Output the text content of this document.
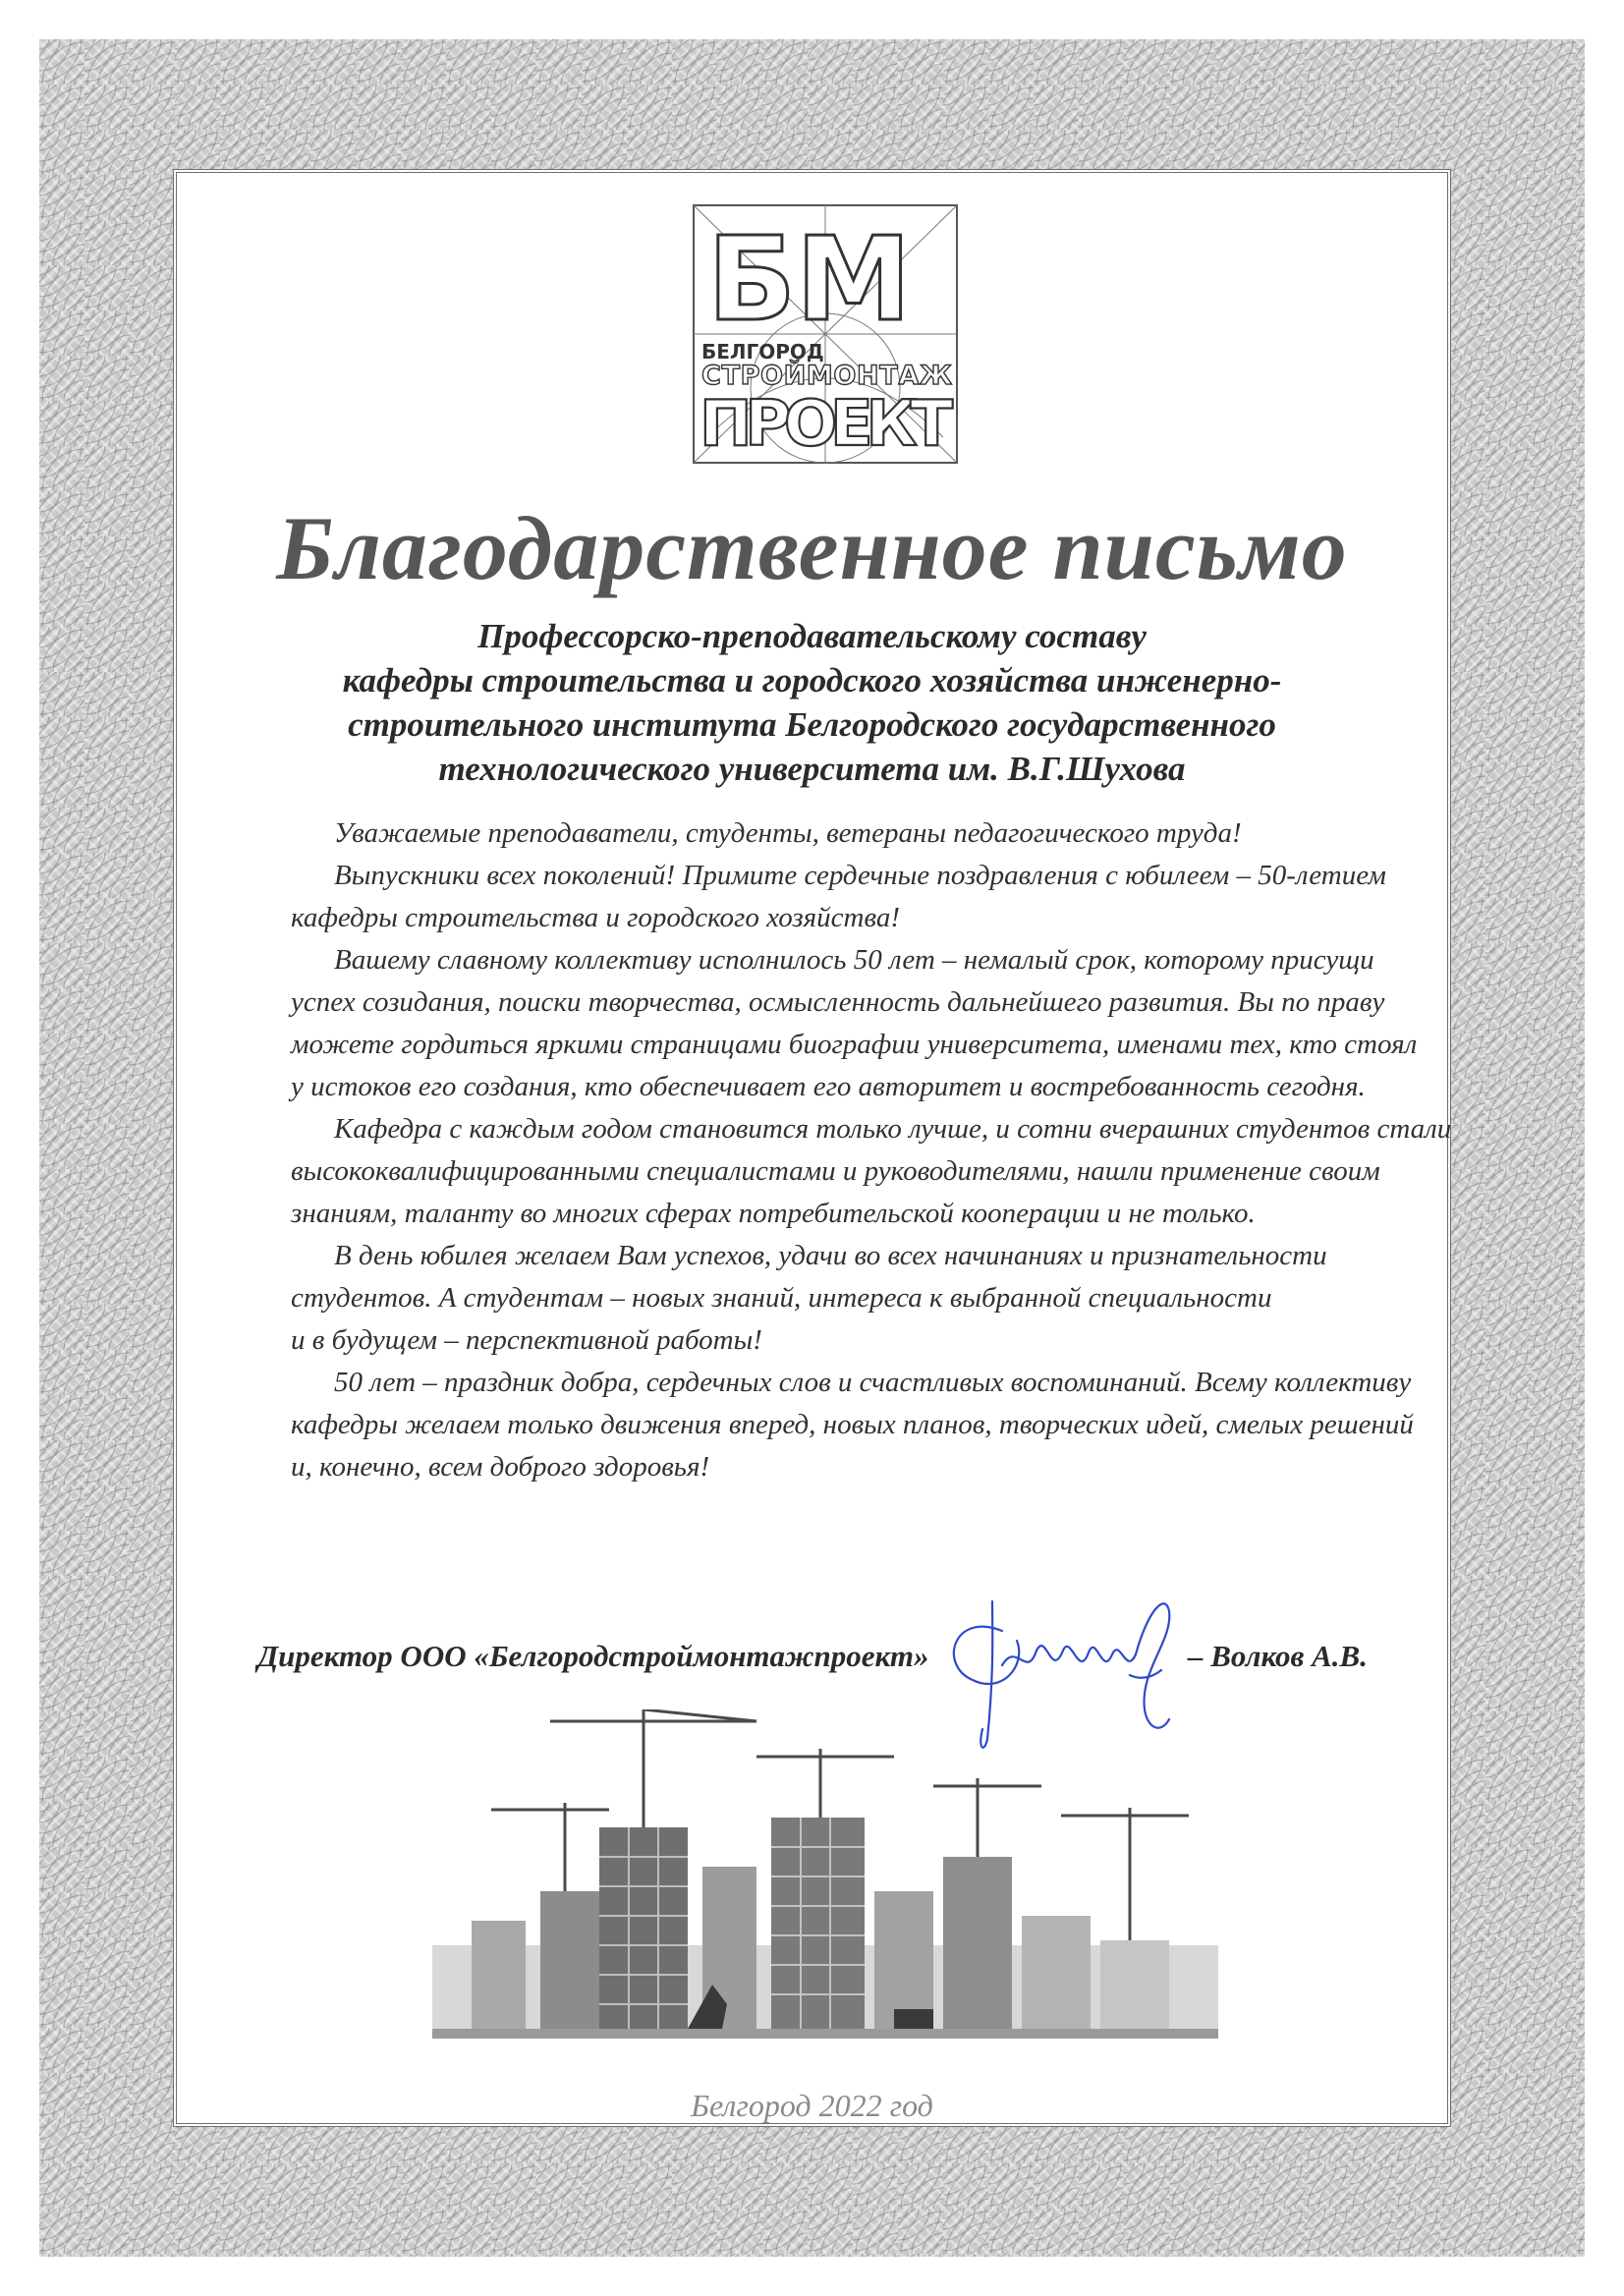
БМ
БЕЛГОРОД
СТРОЙМОНТАЖ
ПРОЕКТ
Благодарственное письмо
Профессорско-преподавательскому составу
кафедры строительства и городского хозяйства инженерно-
строительного института Белгородского государственного
технологического университета им. В.Г.Шухова
Уважаемые преподаватели, студенты, ветераны педагогического труда!
Выпускники всех поколений! Примите сердечные поздравления с юбилеем – 50-летием
кафедры строительства и городского хозяйства!
Вашему славному коллективу исполнилось 50 лет – немалый срок, которому присущи
успех созидания, поиски творчества, осмысленность дальнейшего развития. Вы по праву
можете гордиться яркими страницами биографии университета, именами тех, кто стоял
у истоков его создания, кто обеспечивает его авторитет и востребованность сегодня.
Кафедра с каждым годом становится только лучше, и сотни вчерашних студентов стали
высококвалифицированными специалистами и руководителями, нашли применение своим
знаниям, таланту во многих сферах потребительской кооперации и не только.
В день юбилея желаем Вам успехов, удачи во всех начинаниях и признательности
студентов. А студентам – новых знаний, интереса к выбранной специальности
и в будущем – перспективной работы!
50 лет – праздник добра, сердечных слов и счастливых воспоминаний. Всему коллективу
кафедры желаем только движения вперед, новых планов, творческих идей, смелых решений
и, конечно, всем доброго здоровья!
Директор ООО «Белгородстроймонтажпроект»	– Волков А.В.
Белгород 2022 год
